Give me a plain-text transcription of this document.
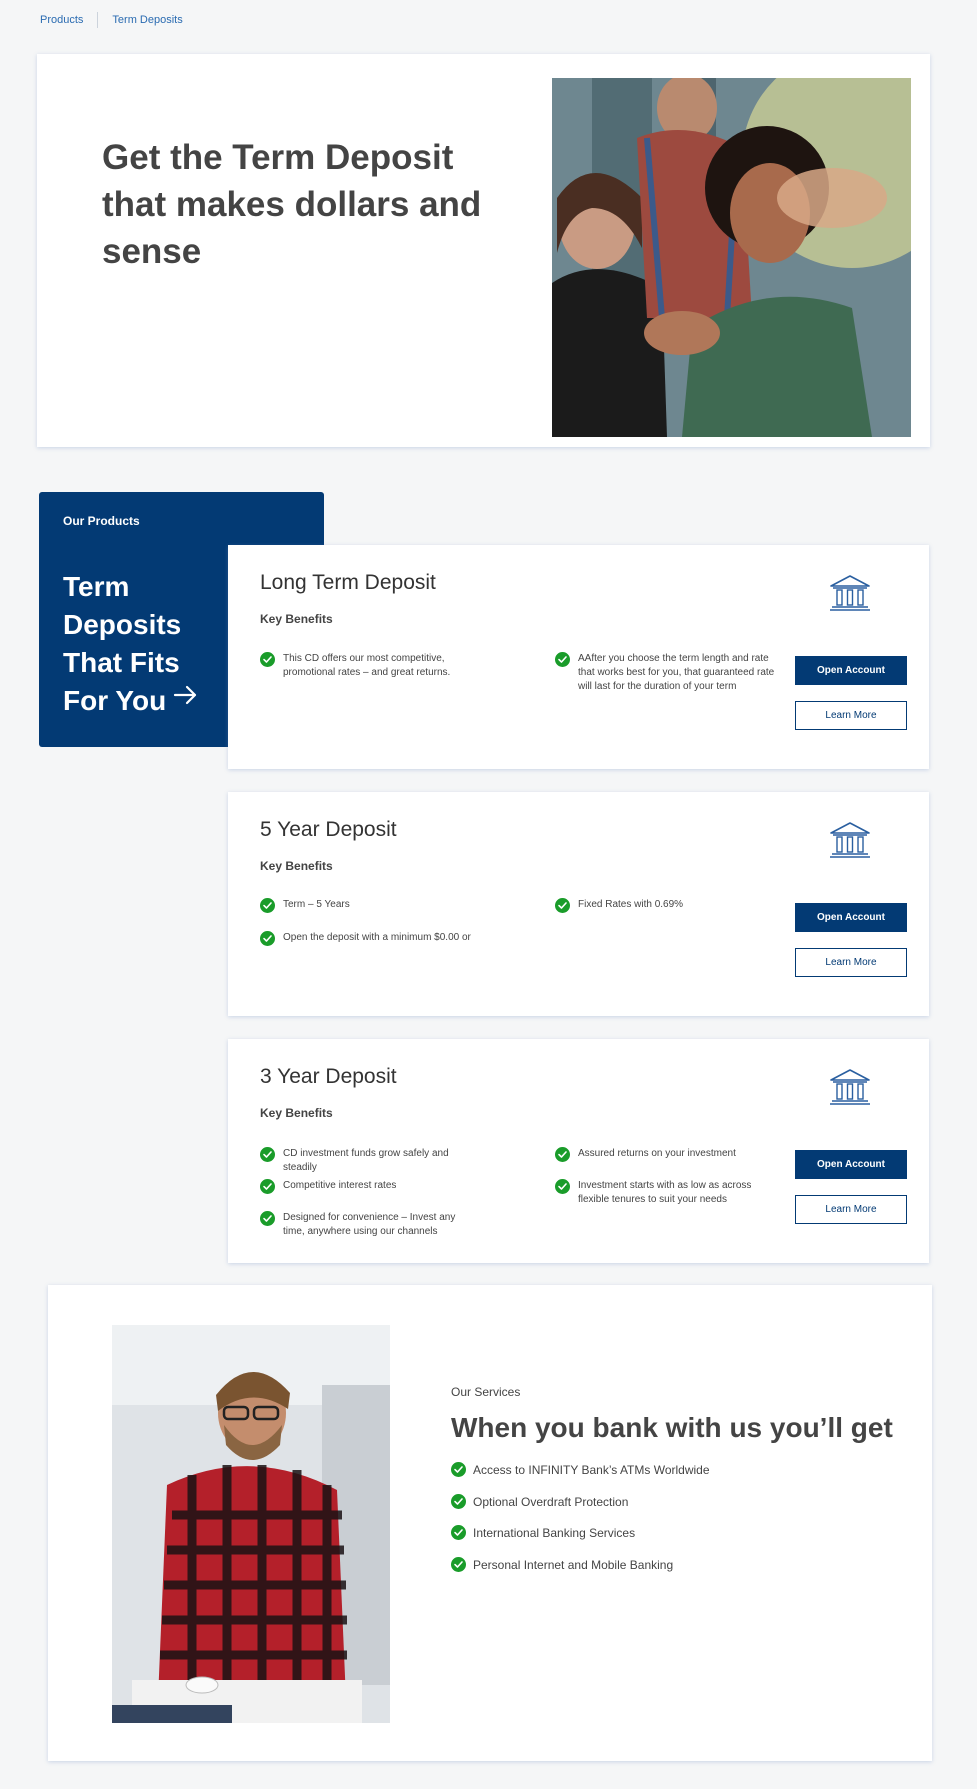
Products	Term Deposits
Get the Term Deposit that makes dollars and sense
Our Products
Term Deposits That Fits For You
Long Term Deposit
Key Benefits
This CD offers our most competitive, promotional rates – and great returns.
AAfter you choose the term length and rate that works best for you, that guaranteed rate will last for the duration of your term
Open Account
Learn More
5 Year Deposit
Key Benefits
Term – 5 Years
Open the deposit with a minimum $0.00 or
Fixed Rates with 0.69%
Open Account
Learn More
3 Year Deposit
Key Benefits
CD investment funds grow safely and steadily
Competitive interest rates
Designed for convenience – Invest any time, anywhere using our channels
Assured returns on your investment
Investment starts with as low as across flexible tenures to suit your needs
Open Account
Learn More
Our Services
When you bank with us you’ll get
Access to INFINITY Bank’s ATMs Worldwide
Optional Overdraft Protection
International Banking Services
Personal Internet and Mobile Banking
